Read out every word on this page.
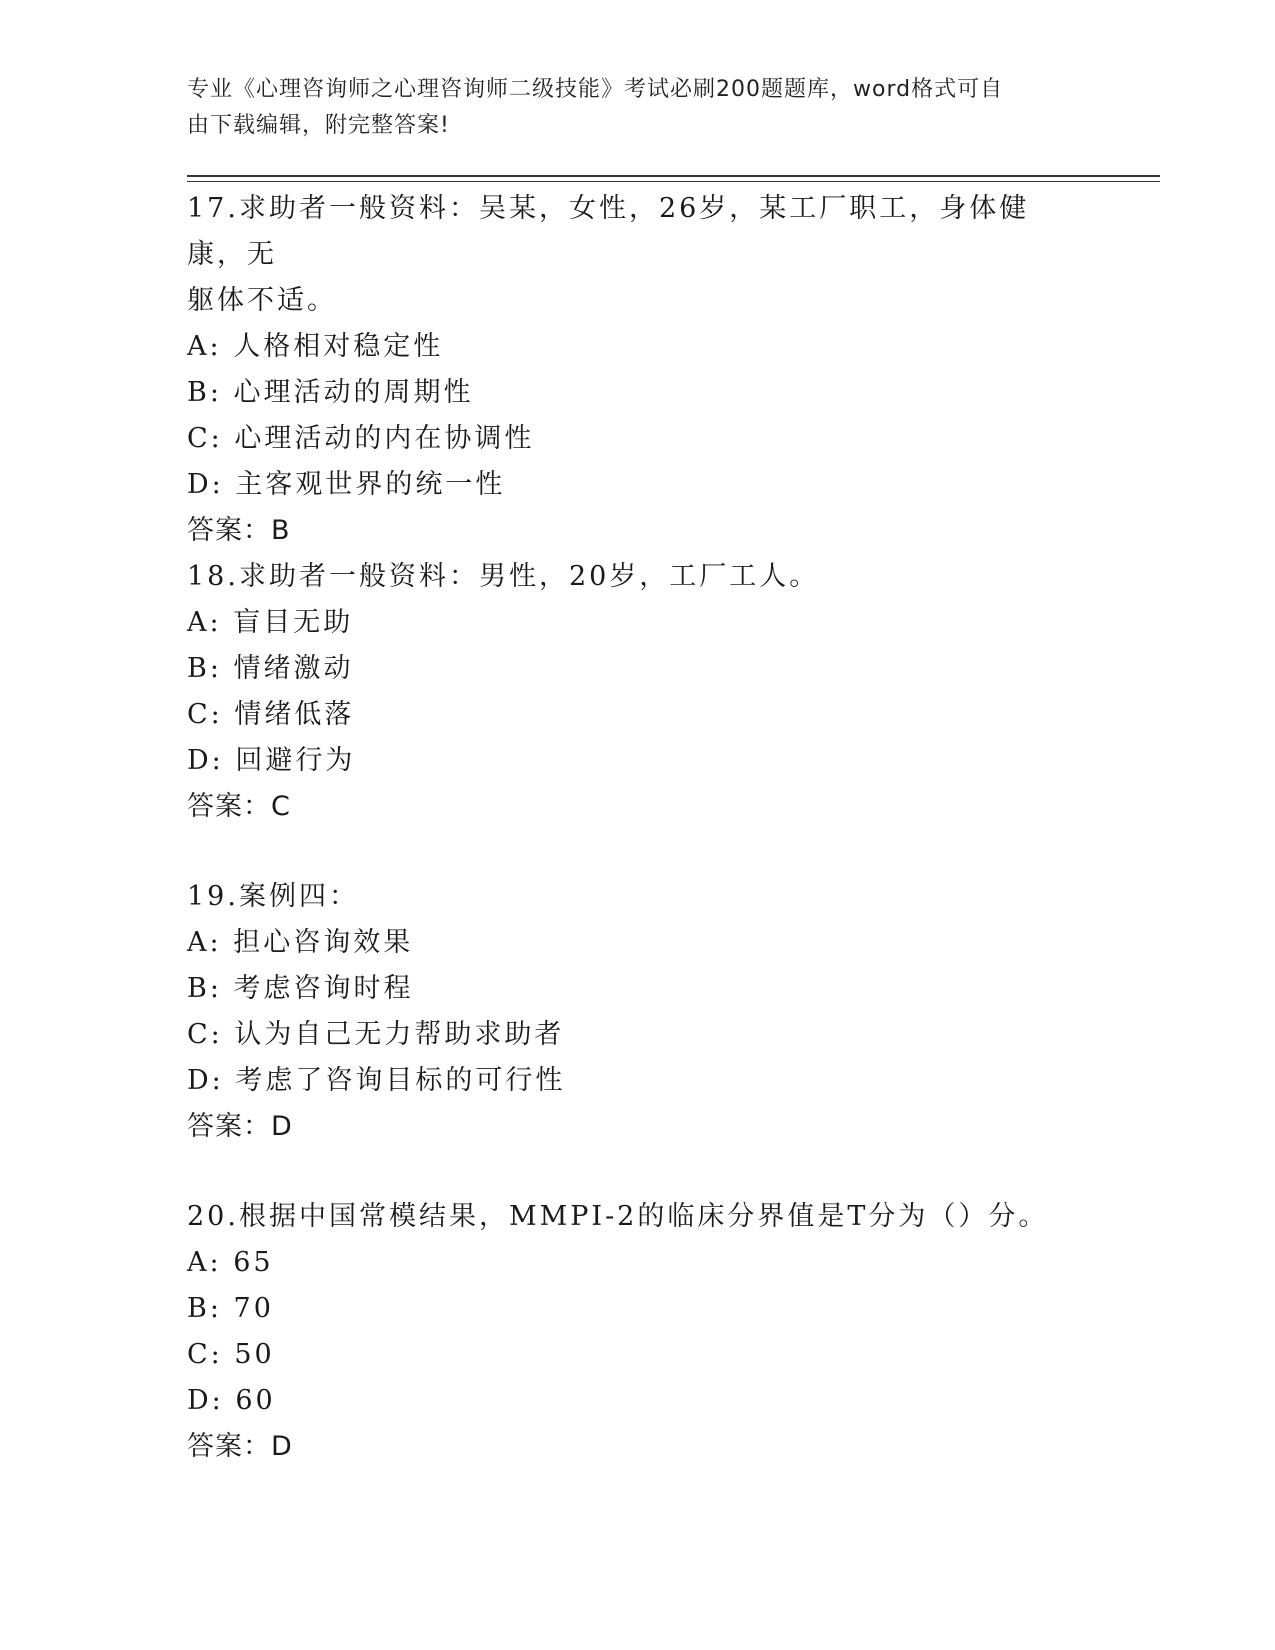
专业《心理咨询师之心理咨询师二级技能》考试必刷200题题库，word格式可自
由下载编辑，附完整答案!
17.求助者一般资料：吴某，女性，26岁，某工厂职工，身体健康，无
躯体不适。
A: 人格相对稳定性
B: 心理活动的周期性
C: 心理活动的内在协调性
D: 主客观世界的统一性
答案：B
18.求助者一般资料：男性，20岁，工厂工人。
A: 盲目无助
B: 情绪激动
C: 情绪低落
D: 回避行为
答案：C
19.案例四：
A: 担心咨询效果
B: 考虑咨询时程
C: 认为自己无力帮助求助者
D: 考虑了咨询目标的可行性
答案：D
20.根据中国常模结果，MMPI-2的临床分界值是T分为（）分。
A: 65
B: 70
C: 50
D: 60
答案：D
